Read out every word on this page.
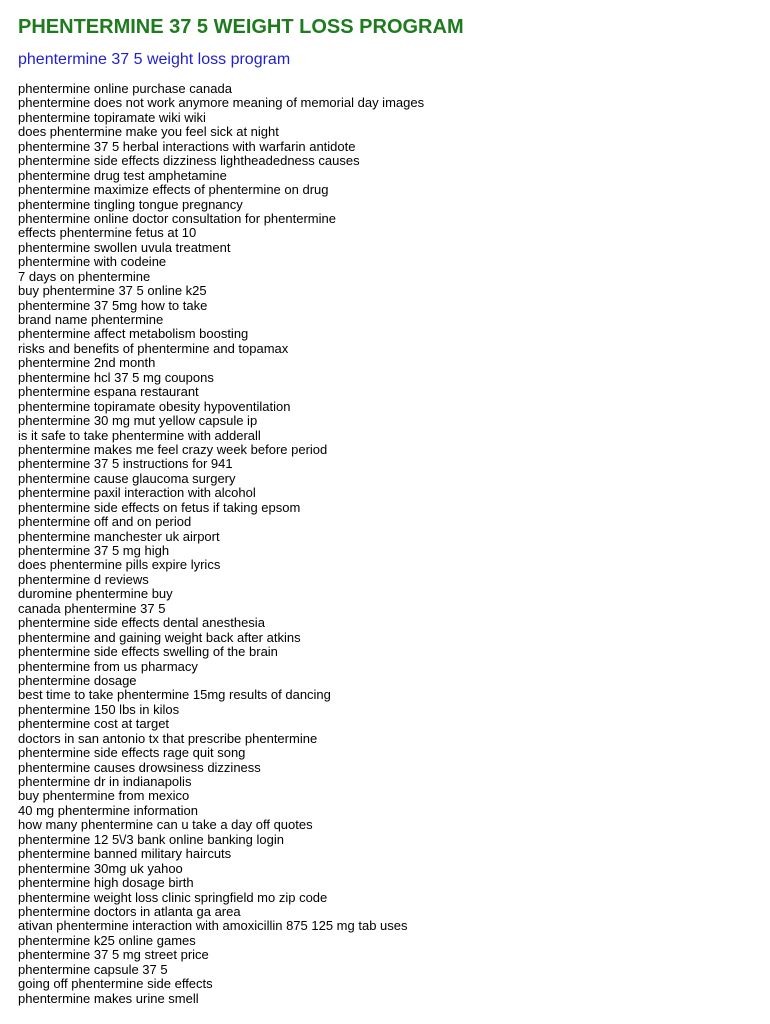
PHENTERMINE 37 5 WEIGHT LOSS PROGRAM
phentermine 37 5 weight loss program
phentermine online purchase canada
phentermine does not work anymore meaning of memorial day images
phentermine topiramate wiki wiki
does phentermine make you feel sick at night
phentermine 37 5 herbal interactions with warfarin antidote
phentermine side effects dizziness lightheadedness causes
phentermine drug test amphetamine
phentermine maximize effects of phentermine on drug
phentermine tingling tongue pregnancy
phentermine online doctor consultation for phentermine
effects phentermine fetus at 10
phentermine swollen uvula treatment
phentermine with codeine
7 days on phentermine
buy phentermine 37 5 online k25
phentermine 37 5mg how to take
brand name phentermine
phentermine affect metabolism boosting
risks and benefits of phentermine and topamax
phentermine 2nd month
phentermine hcl 37 5 mg coupons
phentermine espana restaurant
phentermine topiramate obesity hypoventilation
phentermine 30 mg mut yellow capsule ip
is it safe to take phentermine with adderall
phentermine makes me feel crazy week before period
phentermine 37 5 instructions for 941
phentermine cause glaucoma surgery
phentermine paxil interaction with alcohol
phentermine side effects on fetus if taking epsom
phentermine off and on period
phentermine manchester uk airport
phentermine 37 5 mg high
does phentermine pills expire lyrics
phentermine d reviews
duromine phentermine buy
canada phentermine 37 5
phentermine side effects dental anesthesia
phentermine and gaining weight back after atkins
phentermine side effects swelling of the brain
phentermine from us pharmacy
phentermine dosage
best time to take phentermine 15mg results of dancing
phentermine 150 lbs in kilos
phentermine cost at target
doctors in san antonio tx that prescribe phentermine
phentermine side effects rage quit song
phentermine causes drowsiness dizziness
phentermine dr in indianapolis
buy phentermine from mexico
40 mg phentermine information
how many phentermine can u take a day off quotes
phentermine 12 5\/3 bank online banking login
phentermine banned military haircuts
phentermine 30mg uk yahoo
phentermine high dosage birth
phentermine weight loss clinic springfield mo zip code
phentermine doctors in atlanta ga area
ativan phentermine interaction with amoxicillin 875 125 mg tab uses
phentermine k25 online games
phentermine 37 5 mg street price
phentermine capsule 37 5
going off phentermine side effects
phentermine makes urine smell
